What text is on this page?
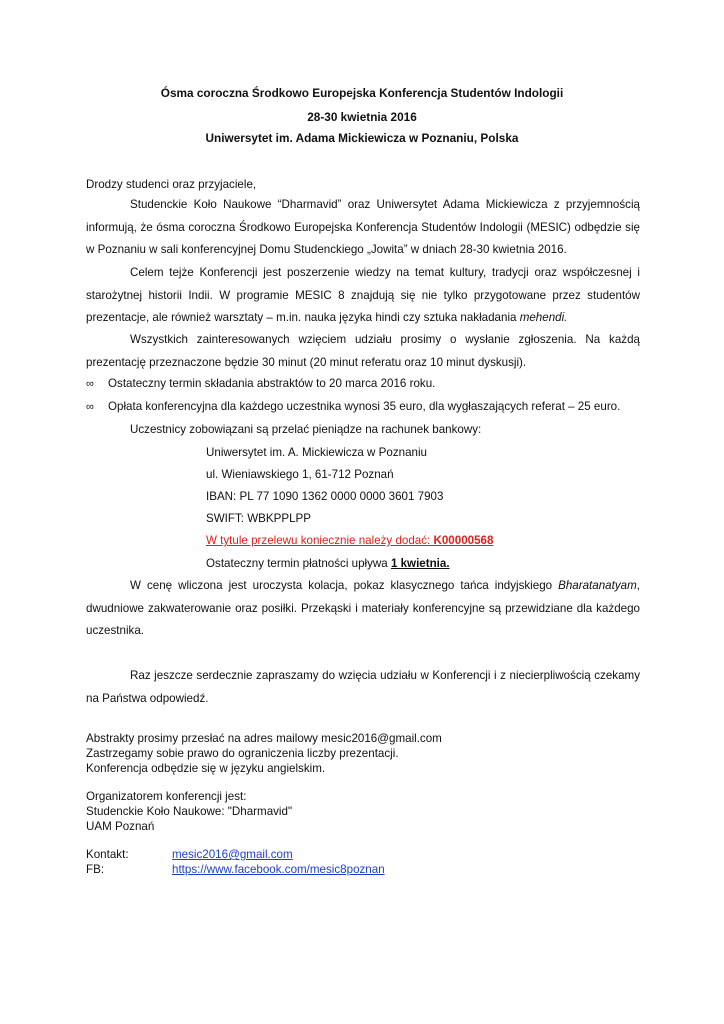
Ósma coroczna Środkowo Europejska Konferencja Studentów Indologii
28-30 kwietnia 2016
Uniwersytet im. Adama Mickiewicza w Poznaniu, Polska
Drodzy studenci oraz przyjaciele,

Studenckie Koło Naukowe “Dharmavid” oraz Uniwersytet Adama Mickiewicza z przyjemnością informują, że ósma coroczna Środkowo Europejska Konferencja Studentów Indologii (MESIC) odbędzie się w Poznaniu w sali konferencyjnej Domu Studenckiego „Jowita” w dniach 28-30 kwietnia 2016.

Celem tejże Konferencji jest poszerzenie wiedzy na temat kultury, tradycji oraz współczesnej i starożytnej historii Indii. W programie MESIC 8 znajdują się nie tylko przygotowane przez studentów prezentacje, ale również warsztaty – m.in. nauka języka hindi czy sztuka nakładania mehendi.

Wszystkich zainteresowanych wzięciem udziału prosimy o wysłanie zgłoszenia. Na każdą prezentację przeznaczone będzie 30 minut (20 minut referatu oraz 10 minut dyskusji).

∞ Ostateczny termin składania abstraktów to 20 marca 2016 roku.
∞ Opłata konferencyjna dla każdego uczestnika wynosi 35 euro, dla wygłaszających referat – 25 euro.
Uczestnicy zobowiązani są przelać pieniądze na rachunek bankowy:
Uniwersytet im. A. Mickiewicza w Poznaniu
ul. Wieniawskiego 1, 61-712 Poznań
IBAN: PL 77 1090 1362 0000 0000 3601 7903
SWIFT: WBKPPLPP
W tytule przelewu koniecznie należy dodać: K00000568
Ostateczny termin płatności upływa 1 kwietnia.

W cenę wliczona jest uroczysta kolacja, pokaz klasycznego tańca indyjskiego Bharatanatyam, dwudniowe zakwaterowanie oraz posiłki. Przekąski i materiały konferencyjne są przewidziane dla każdego uczestnika.

Raz jeszcze serdecznie zapraszamy do wzięcia udziału w Konferencji i z niecierpliwością czekamy na Państwa odpowiedź.

Abstrakty prosimy przesłać na adres mailowy mesic2016@gmail.com
Zastrzegamy sobie prawo do ograniczenia liczby prezentacji.
Konferencja odbędzie się w języku angielskim.
Organizatorem konferencji jest:
Studenckie Koło Naukowe: "Dharmavid"
UAM Poznań
Kontakt:	mesic2016@gmail.com
FB:	https://www.facebook.com/mesic8poznan
